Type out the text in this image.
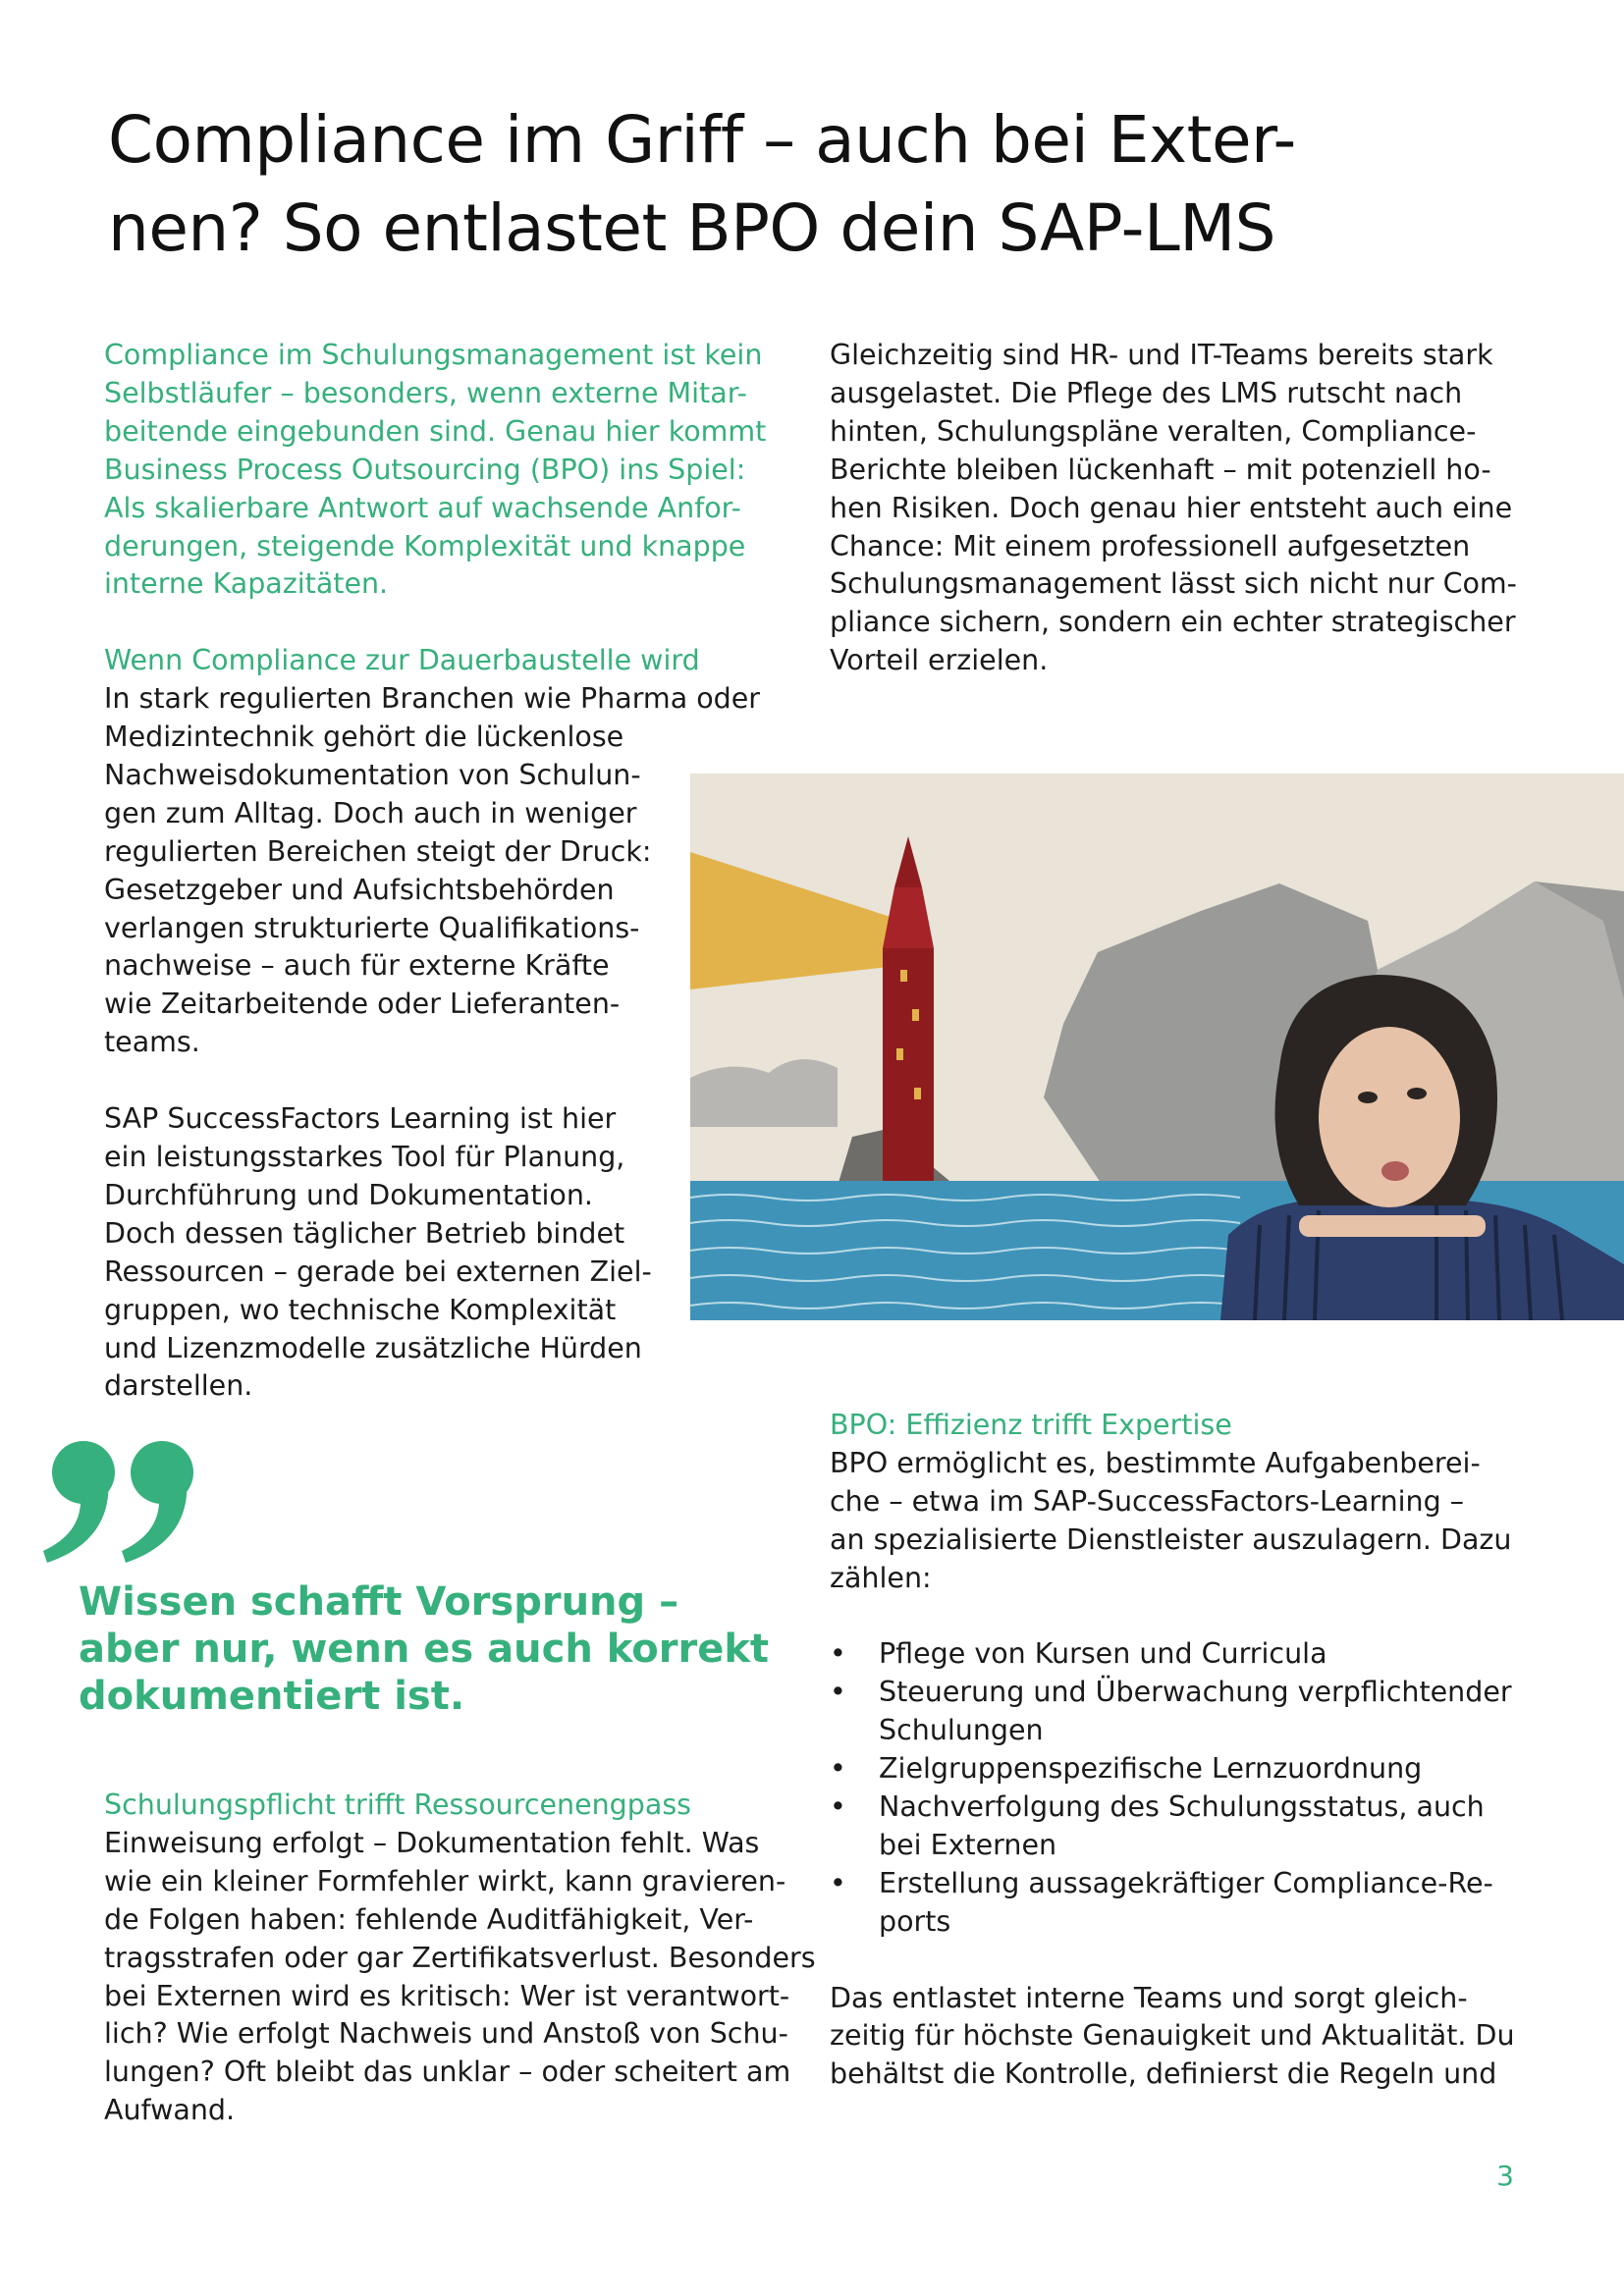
Compliance im Griff – auch bei Exter-
nen? So entlastet BPO dein SAP-LMS
Compliance im Schulungsmanagement ist kein
Selbstläufer – besonders, wenn externe Mitar-
beitende eingebunden sind. Genau hier kommt
Business Process Outsourcing (BPO) ins Spiel:
Als skalierbare Antwort auf wachsende Anfor-
derungen, steigende Komplexität und knappe
interne Kapazitäten.
Wenn Compliance zur Dauerbaustelle wird
In stark regulierten Branchen wie Pharma oder
Medizintechnik gehört die lückenlose
Nachweisdokumentation von Schulun-
gen zum Alltag. Doch auch in weniger
regulierten Bereichen steigt der Druck:
Gesetzgeber und Aufsichtsbehörden
verlangen strukturierte Qualifikations-
nachweise – auch für externe Kräfte
wie Zeitarbeitende oder Lieferanten-
teams.
SAP SuccessFactors Learning ist hier
ein leistungsstarkes Tool für Planung,
Durchführung und Dokumentation.
Doch dessen täglicher Betrieb bindet
Ressourcen – gerade bei externen Ziel-
gruppen, wo technische Komplexität
und Lizenzmodelle zusätzliche Hürden
darstellen.
Wissen schafft Vorsprung –
aber nur, wenn es auch korrekt
dokumentiert ist.
Schulungspflicht trifft Ressourcenengpass
Einweisung erfolgt – Dokumentation fehlt. Was
wie ein kleiner Formfehler wirkt, kann gravieren-
de Folgen haben: fehlende Auditfähigkeit, Ver-
tragsstrafen oder gar Zertifikatsverlust. Besonders
bei Externen wird es kritisch: Wer ist verantwort-
lich? Wie erfolgt Nachweis und Anstoß von Schu-
lungen? Oft bleibt das unklar – oder scheitert am
Aufwand.
Gleichzeitig sind HR- und IT-Teams bereits stark
ausgelastet. Die Pflege des LMS rutscht nach
hinten, Schulungspläne veralten, Compliance-
Berichte bleiben lückenhaft – mit potenziell ho-
hen Risiken. Doch genau hier entsteht auch eine
Chance: Mit einem professionell aufgesetzten
Schulungsmanagement lässt sich nicht nur Com-
pliance sichern, sondern ein echter strategischer
Vorteil erzielen.
BPO: Effizienz trifft Expertise
BPO ermöglicht es, bestimmte Aufgabenberei-
che – etwa im SAP-SuccessFactors-Learning –
an spezialisierte Dienstleister auszulagern. Dazu
zählen:
• Pflege von Kursen und Curricula
• Steuerung und Überwachung verpflichtender
Schulungen
• Zielgruppenspezifische Lernzuordnung
• Nachverfolgung des Schulungsstatus, auch
bei Externen
• Erstellung aussagekräftiger Compliance-Re-
ports
Das entlastet interne Teams und sorgt gleich-
zeitig für höchste Genauigkeit und Aktualität. Du
behältst die Kontrolle, definierst die Regeln und
3
